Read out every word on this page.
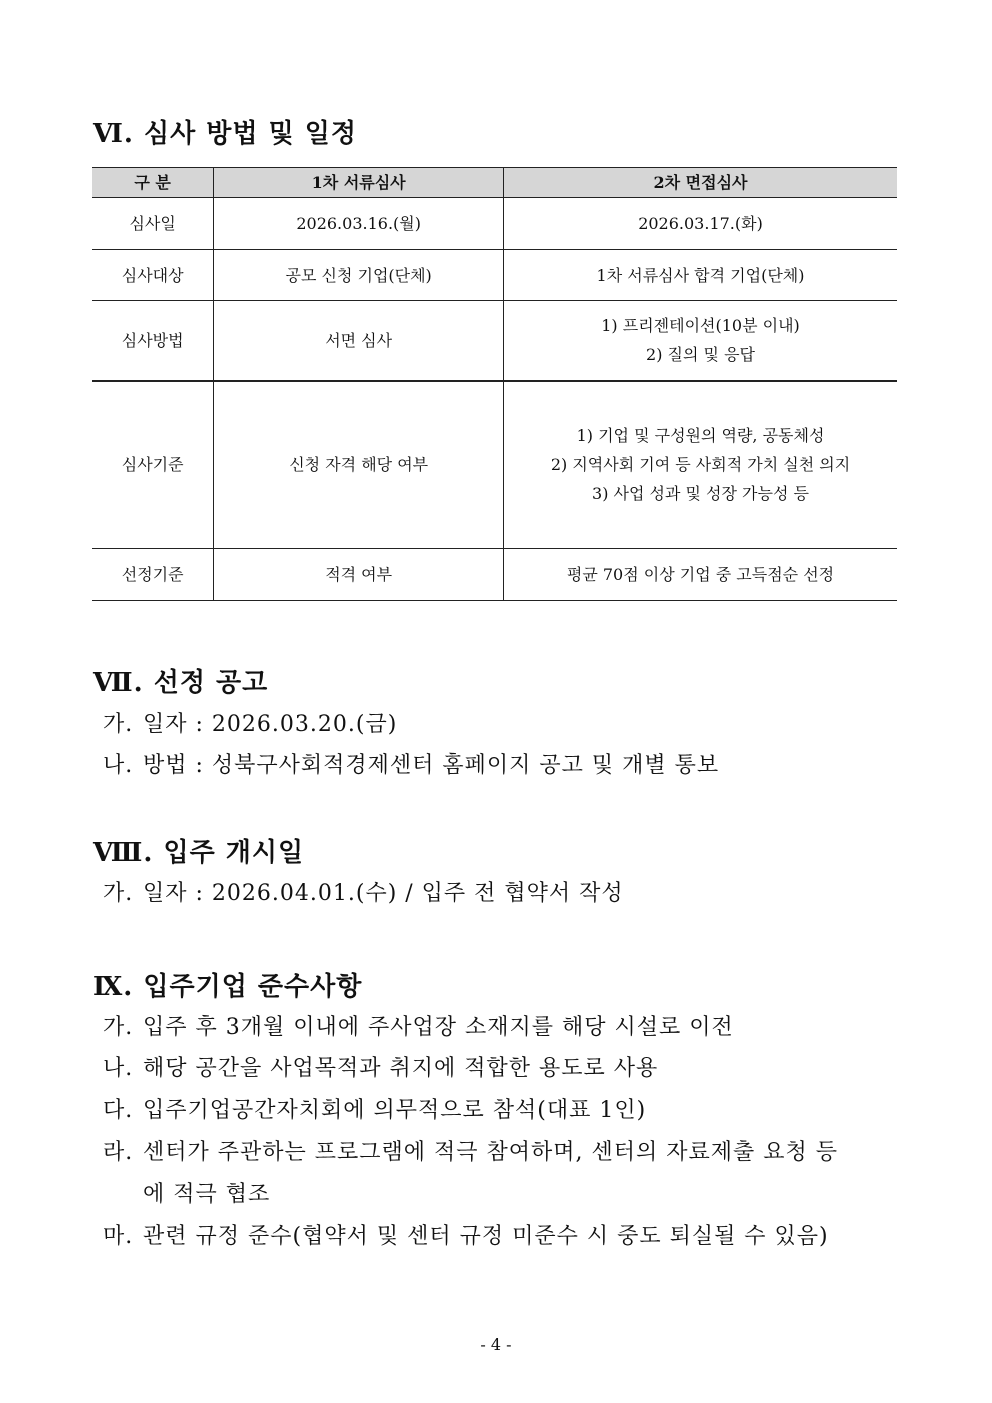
Ⅵ. 심사 방법 및 일정
구 분	1차 서류심사	2차 면접심사
심사일	2026.03.16.(월)	2026.03.17.(화)
심사대상	공모 신청 기업(단체)	1차 서류심사 합격 기업(단체)
심사방법	서면 심사	1) 프리젠테이션(10분 이내)
2) 질의 및 응답

심사기준	신청 자격 해당 여부	1) 기업 및 구성원의 역량, 공동체성
2) 지역사회 기여 등 사회적 가치 실천 의지
3) 사업 성과 및 성장 가능성 등

선정기준	적격 여부	평균 70점 이상 기업 중 고득점순 선정
Ⅶ. 선정 공고

가. 일자 : 2026.03.20.(금)

나. 방법 : 성북구사회적경제센터 홈페이지 공고 및 개별 통보

Ⅷ. 입주 개시일

가. 일자 : 2026.04.01.(수) / 입주 전 협약서 작성

Ⅸ. 입주기업 준수사항

가. 입주 후 3개월 이내에 주사업장 소재지를 해당 시설로 이전

나. 해당 공간을 사업목적과 취지에 적합한 용도로 사용

다. 입주기업공간자치회에 의무적으로 참석(대표 1인)

라. 센터가 주관하는 프로그램에 적극 참여하며, 센터의 자료제출 요청 등

에 적극 협조

마. 관련 규정 준수(협약서 및 센터 규정 미준수 시 중도 퇴실될 수 있음)

- 4 -
